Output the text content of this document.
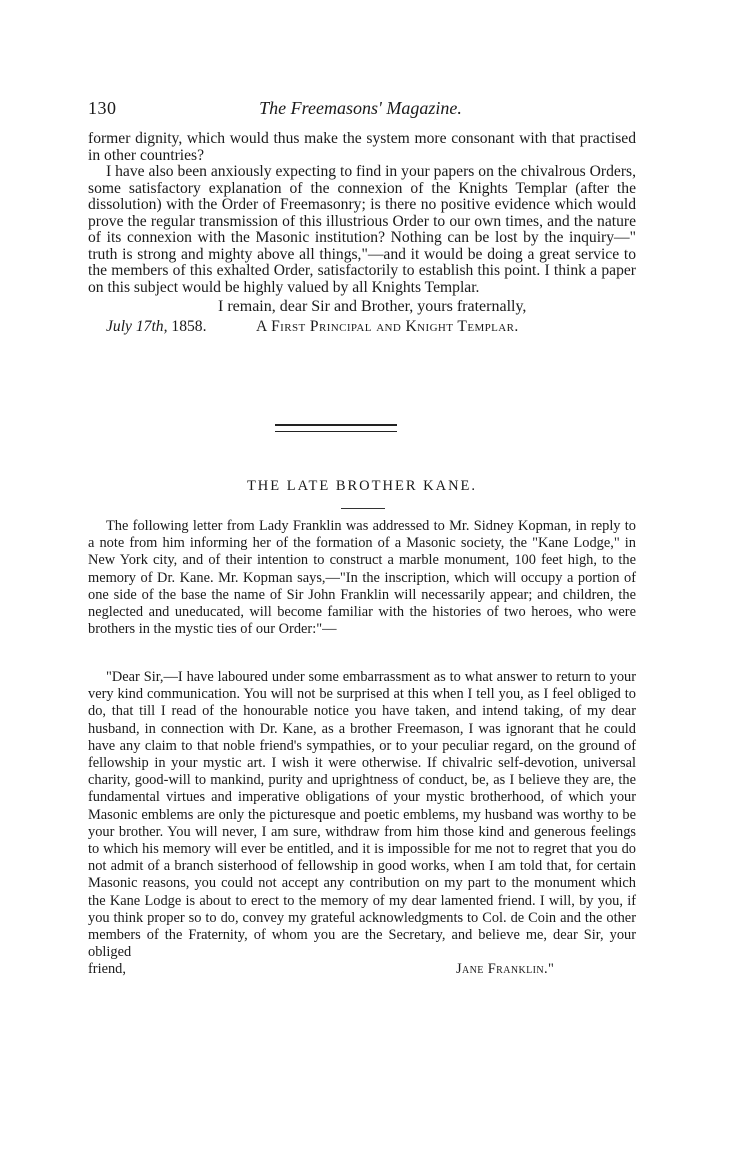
130	The Freemasons' Magazine.

former dignity, which would thus make the system more consonant with that practised in other countries?

I have also been anxiously expecting to find in your papers on the chivalrous Orders, some satisfactory explanation of the connexion of the Knights Templar (after the dissolution) with the Order of Freemasonry; is there no positive evidence which would prove the regular transmission of this illustrious Order to our own times, and the nature of its connexion with the Masonic institution? Nothing can be lost by the inquiry—" truth is strong and mighty above all things,"—and it would be doing a great service to the members of this exhalted Order, satisfactorily to establish this point. I think a paper on this subject would be highly valued by all Knights Templar.

I remain, dear Sir and Brother, yours fraternally,
July 17th, 1858.	A First Principal and Knight Templar.
THE LATE BROTHER KANE.

The following letter from Lady Franklin was addressed to Mr. Sidney Kopman, in reply to a note from him informing her of the formation of a Masonic society, the "Kane Lodge," in New York city, and of their intention to construct a marble monument, 100 feet high, to the memory of Dr. Kane. Mr. Kopman says,—"In the inscription, which will occupy a portion of one side of the base the name of Sir John Franklin will necessarily appear; and children, the neglected and uneducated, will become familiar with the histories of two heroes, who were brothers in the mystic ties of our Order:"—

"Dear Sir,—I have laboured under some embarrassment as to what answer to return to your very kind communication. You will not be surprised at this when I tell you, as I feel obliged to do, that till I read of the honourable notice you have taken, and intend taking, of my dear husband, in connection with Dr. Kane, as a brother Freemason, I was ignorant that he could have any claim to that noble friend's sympathies, or to your peculiar regard, on the ground of fellowship in your mystic art. I wish it were otherwise. If chivalric self-devotion, universal charity, good-will to mankind, purity and uprightness of conduct, be, as I believe they are, the fundamental virtues and imperative obligations of your mystic brotherhood, of which your Masonic emblems are only the picturesque and poetic emblems, my husband was worthy to be your brother. You will never, I am sure, withdraw from him those kind and generous feelings to which his memory will ever be entitled, and it is impossible for me not to regret that you do not admit of a branch sisterhood of fellowship in good works, when I am told that, for certain Masonic reasons, you could not accept any contribution on my part to the monument which the Kane Lodge is about to erect to the memory of my dear lamented friend. I will, by you, if you think proper so to do, convey my grateful acknowledgments to Col. de Coin and the other members of the Fraternity, of whom you are the Secretary, and believe me, dear Sir, your obliged

friend,	Jane Franklin."
